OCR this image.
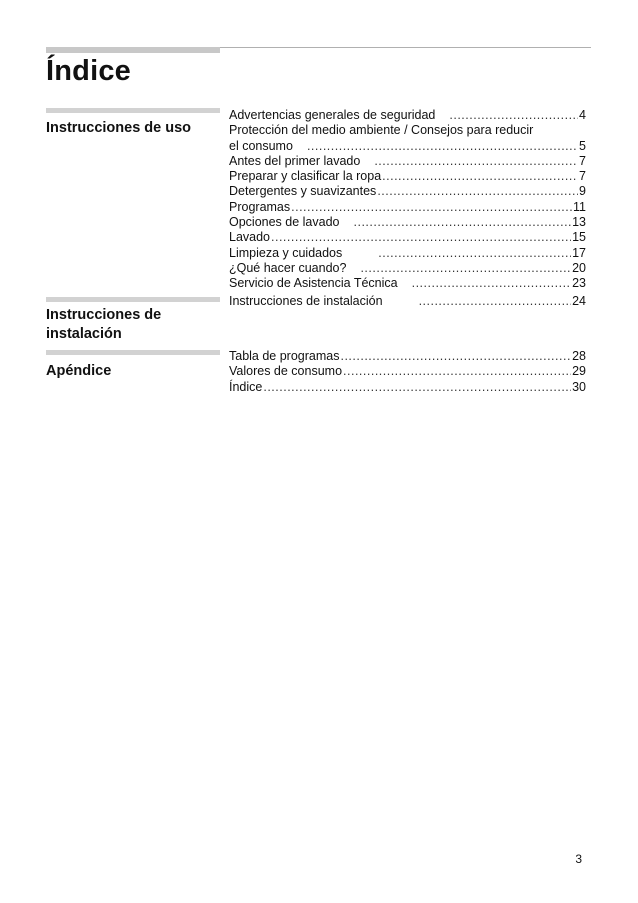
Índice
Instrucciones de uso
Advertencias generales de seguridad .....	4
Protección del medio ambiente / Consejos para reducir
el consumo .....	5
Antes del primer lavado .....	7
Preparar y clasificar la ropa .....	7
Detergentes y suavizantes .....	9
Programas .....	11
Opciones de lavado .....	13
Lavado .....	15
Limpieza y cuidados .....	17
¿Qué hacer cuando? .....	20
Servicio de Asistencia Técnica .....	23
Instrucciones de
instalación
Instrucciones de instalación .....	24
Apéndice
Tabla de programas .....	28
Valores de consumo .....	29
Índice .....	30
3
